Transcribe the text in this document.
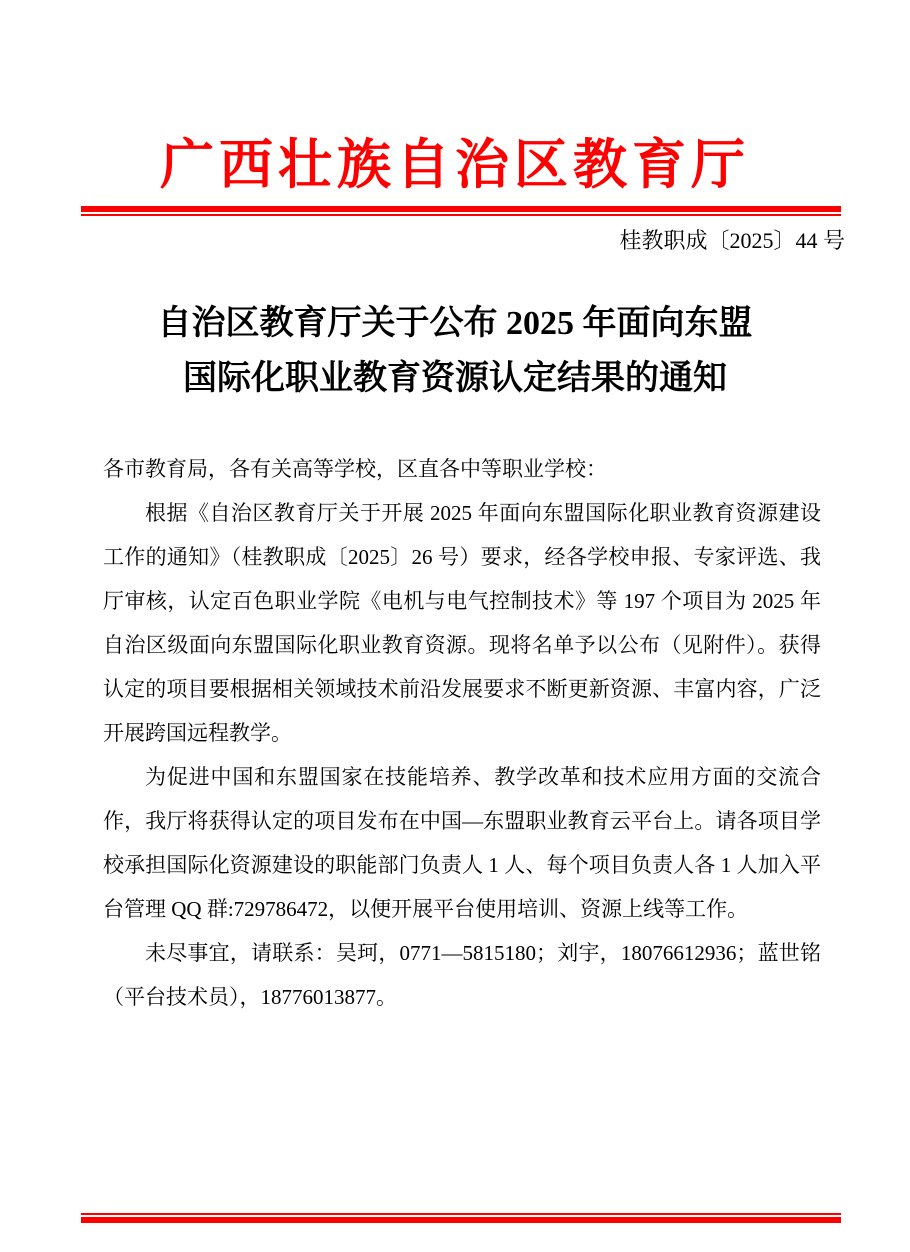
广西壮族自治区教育厅
桂教职成〔2025〕44 号
自治区教育厅关于公布 2025 年面向东盟
国际化职业教育资源认定结果的通知

各市教育局，各有关高等学校，区直各中等职业学校：

根据《自治区教育厅关于开展 2025 年面向东盟国际化职业教育资源建设工作的通知》（桂教职成〔2025〕26 号）要求，经各学校申报、专家评选、我厅审核，认定百色职业学院《电机与电气控制技术》等 197 个项目为 2025 年自治区级面向东盟国际化职业教育资源。现将名单予以公布（见附件）。获得认定的项目要根据相关领域技术前沿发展要求不断更新资源、丰富内容，广泛开展跨国远程教学。

为促进中国和东盟国家在技能培养、教学改革和技术应用方面的交流合作，我厅将获得认定的项目发布在中国—东盟职业教育云平台上。请各项目学校承担国际化资源建设的职能部门负责人 1 人、每个项目负责人各 1 人加入平台管理 QQ 群:729786472，以便开展平台使用培训、资源上线等工作。

未尽事宜，请联系：吴珂，0771—5815180；刘宇，18076612936；蓝世铭（平台技术员），18776013877。
